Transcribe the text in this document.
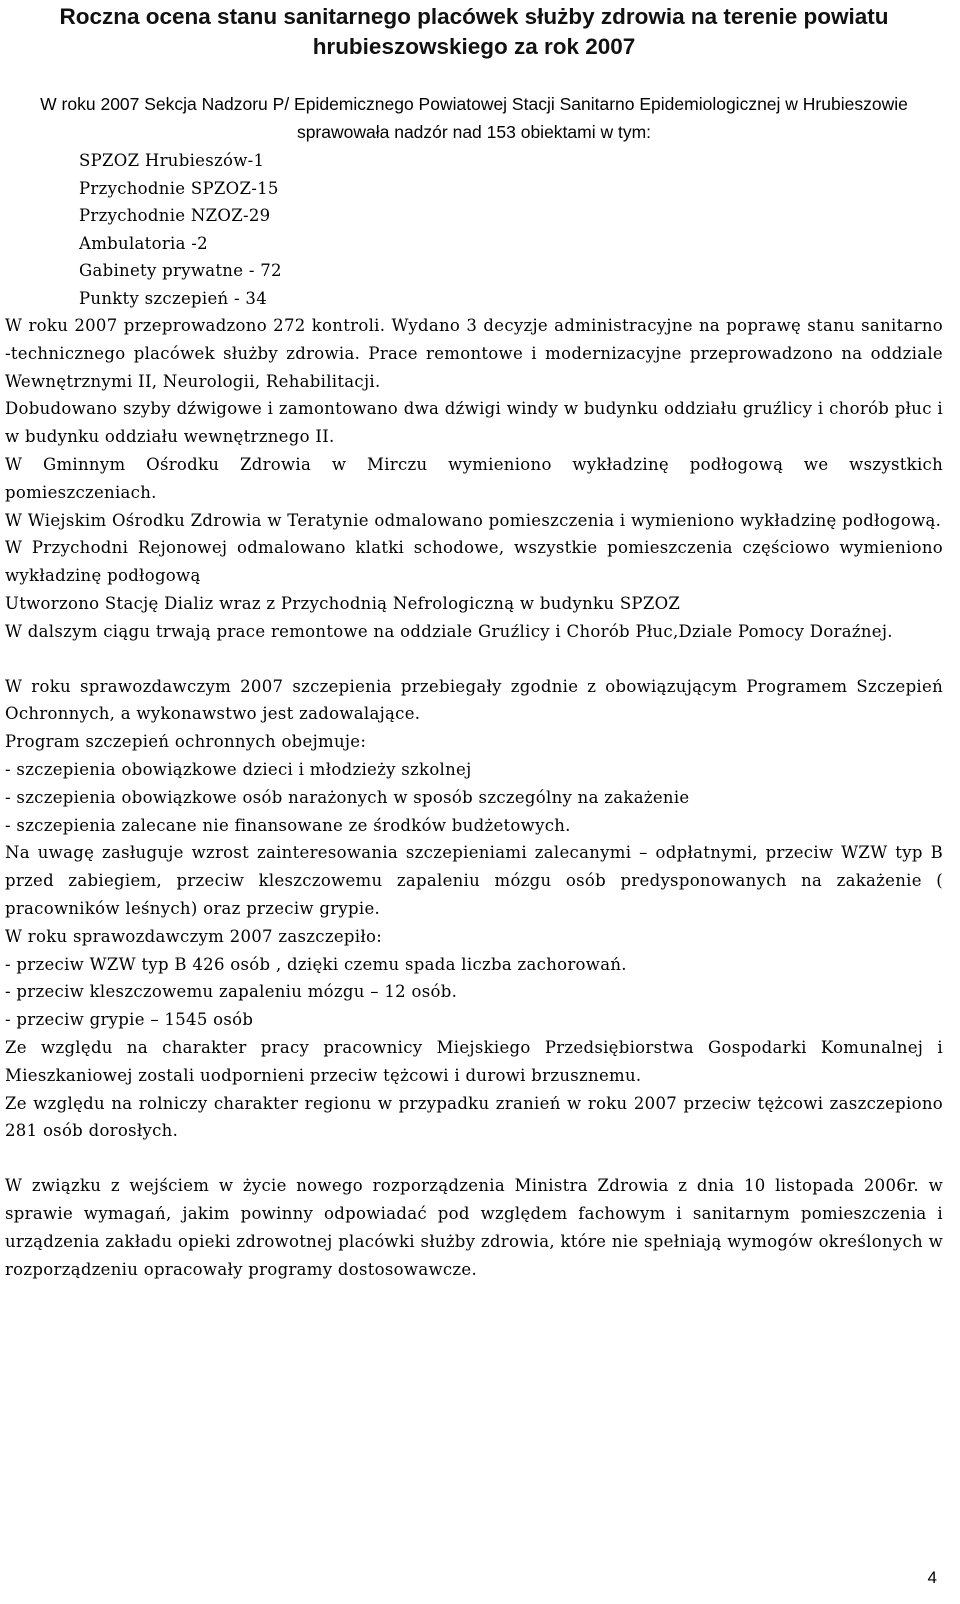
Roczna ocena stanu sanitarnego placówek służby zdrowia na terenie powiatu hrubieszowskiego za rok 2007

W roku 2007 Sekcja Nadzoru P/ Epidemicznego Powiatowej Stacji Sanitarno Epidemiologicznej w Hrubieszowie sprawowała nadzór nad 153 obiektami w tym:

SPZOZ Hrubieszów-1
Przychodnie SPZOZ-15
Przychodnie NZOZ-29
Ambulatoria -2
Gabinety prywatne - 72
Punkty szczepień - 34

W roku 2007 przeprowadzono 272 kontroli. Wydano 3 decyzje administracyjne na poprawę stanu sanitarno -technicznego placówek służby zdrowia. Prace remontowe i modernizacyjne przeprowadzono na oddziale Wewnętrznymi II, Neurologii, Rehabilitacji.

Dobudowano szyby dźwigowe i zamontowano dwa dźwigi windy w budynku oddziału gruźlicy i chorób płuc i w budynku oddziału wewnętrznego II.

W Gminnym Ośrodku Zdrowia w Mirczu wymieniono wykładzinę podłogową we wszystkich pomieszczeniach.

W Wiejskim Ośrodku Zdrowia w Teratynie odmalowano pomieszczenia i wymieniono wykładzinę podłogową.

W Przychodni Rejonowej odmalowano klatki schodowe, wszystkie pomieszczenia częściowo wymieniono wykładzinę podłogową

Utworzono Stację Dializ wraz z Przychodnią Nefrologiczną w budynku SPZOZ

W dalszym ciągu trwają prace remontowe na oddziale Gruźlicy i Chorób Płuc,Dziale Pomocy Doraźnej.

W roku sprawozdawczym 2007 szczepienia przebiegały zgodnie z obowiązującym Programem Szczepień Ochronnych, a wykonawstwo jest zadowalające.

Program szczepień ochronnych obejmuje:

- szczepienia obowiązkowe dzieci i młodzieży szkolnej

- szczepienia obowiązkowe osób narażonych w sposób szczególny na zakażenie

- szczepienia zalecane nie finansowane ze środków budżetowych.

Na uwagę zasługuje wzrost zainteresowania szczepieniami zalecanymi – odpłatnymi, przeciw WZW typ B przed zabiegiem, przeciw kleszczowemu zapaleniu mózgu osób predysponowanych na zakażenie ( pracowników leśnych) oraz przeciw grypie.

W roku sprawozdawczym 2007 zaszczepiło:

- przeciw WZW typ B 426 osób , dzięki czemu spada liczba zachorowań.

- przeciw kleszczowemu zapaleniu mózgu – 12 osób.

- przeciw grypie – 1545 osób

Ze względu na charakter pracy pracownicy Miejskiego Przedsiębiorstwa Gospodarki Komunalnej i Mieszkaniowej zostali uodpornieni przeciw tężcowi i durowi brzusznemu.

Ze względu na rolniczy charakter regionu w przypadku zranień w roku 2007 przeciw tężcowi zaszczepiono 281 osób dorosłych.

W związku z wejściem w życie nowego rozporządzenia Ministra Zdrowia z dnia 10 listopada 2006r. w sprawie wymagań, jakim powinny odpowiadać pod względem fachowym i sanitarnym pomieszczenia i urządzenia zakładu opieki zdrowotnej placówki służby zdrowia, które nie spełniają wymogów określonych w rozporządzeniu opracowały programy dostosowawcze.

4
